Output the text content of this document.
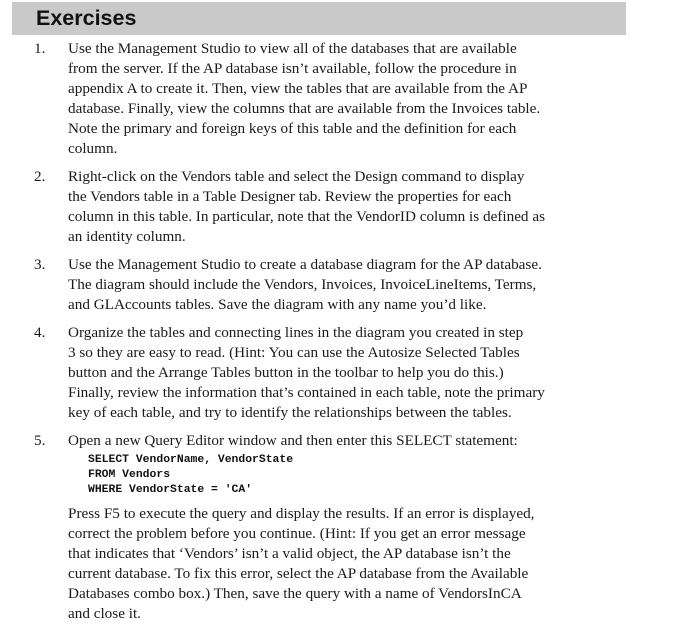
Exercises
1. Use the Management Studio to view all of the databases that are available
from the server. If the AP database isn’t available, follow the procedure in
appendix A to create it. Then, view the tables that are available from the AP
database. Finally, view the columns that are available from the Invoices table.
Note the primary and foreign keys of this table and the definition for each
column.

2. Right-click on the Vendors table and select the Design command to display
the Vendors table in a Table Designer tab. Review the properties for each
column in this table. In particular, note that the VendorID column is defined as
an identity column.

3. Use the Management Studio to create a database diagram for the AP database.
The diagram should include the Vendors, Invoices, InvoiceLineItems, Terms,
and GLAccounts tables. Save the diagram with any name you’d like.

4. Organize the tables and connecting lines in the diagram you created in step
3 so they are easy to read. (Hint: You can use the Autosize Selected Tables
button and the Arrange Tables button in the toolbar to help you do this.)
Finally, review the information that’s contained in each table, note the primary
key of each table, and try to identify the relationships between the tables.

5. Open a new Query Editor window and then enter this SELECT statement:

SELECT VendorName, VendorState
FROM Vendors
WHERE VendorState = 'CA'

Press F5 to execute the query and display the results. If an error is displayed,
correct the problem before you continue. (Hint: If you get an error message
that indicates that ‘Vendors’ isn’t a valid object, the AP database isn’t the
current database. To fix this error, select the AP database from the Available
Databases combo box.) Then, save the query with a name of VendorsInCA
and close it.
